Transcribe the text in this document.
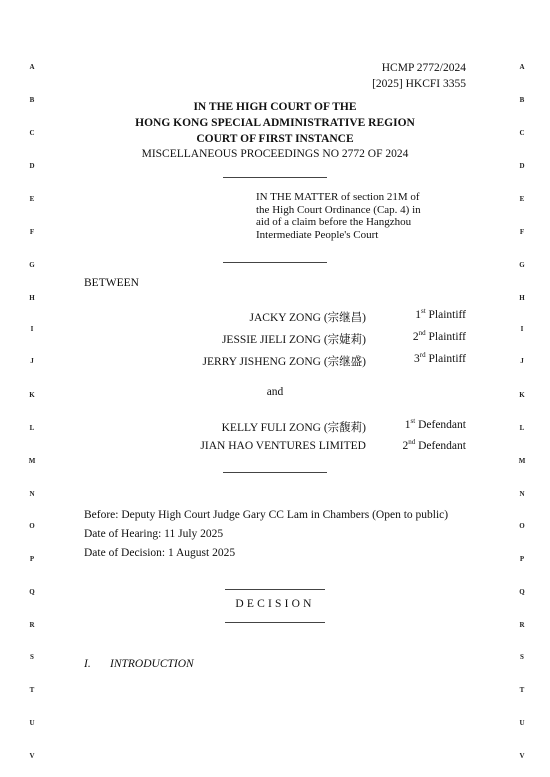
A
B
C
D
E
F
G
H
I
J
K
L
M
N
O
P
Q
R
S
T
U
V
A
B
C
D
E
F
G
H
I
J
K
L
M
N
O
P
Q
R
S
T
U
V
HCMP 2772/2024
[2025] HKCFI 3355
IN THE HIGH COURT OF THE
HONG KONG SPECIAL ADMINISTRATIVE REGION
COURT OF FIRST INSTANCE
MISCELLANEOUS PROCEEDINGS NO 2772 OF 2024
IN THE MATTER of section 21M of
the High Court Ordinance (Cap. 4) in
aid of a claim before the Hangzhou
Intermediate People's Court
BETWEEN
JACKY ZONG (宗继昌)	1st Plaintiff
JESSIE JIELI ZONG (宗婕莉)	2nd Plaintiff
JERRY JISHENG ZONG (宗继盛)	3rd Plaintiff
and
KELLY FULI ZONG (宗馥莉)	1st Defendant
JIAN HAO VENTURES LIMITED	2nd Defendant
Before: Deputy High Court Judge Gary CC Lam in Chambers (Open to public)
Date of Hearing: 11 July 2025
Date of Decision: 1 August 2025
DECISION
I. INTRODUCTION
